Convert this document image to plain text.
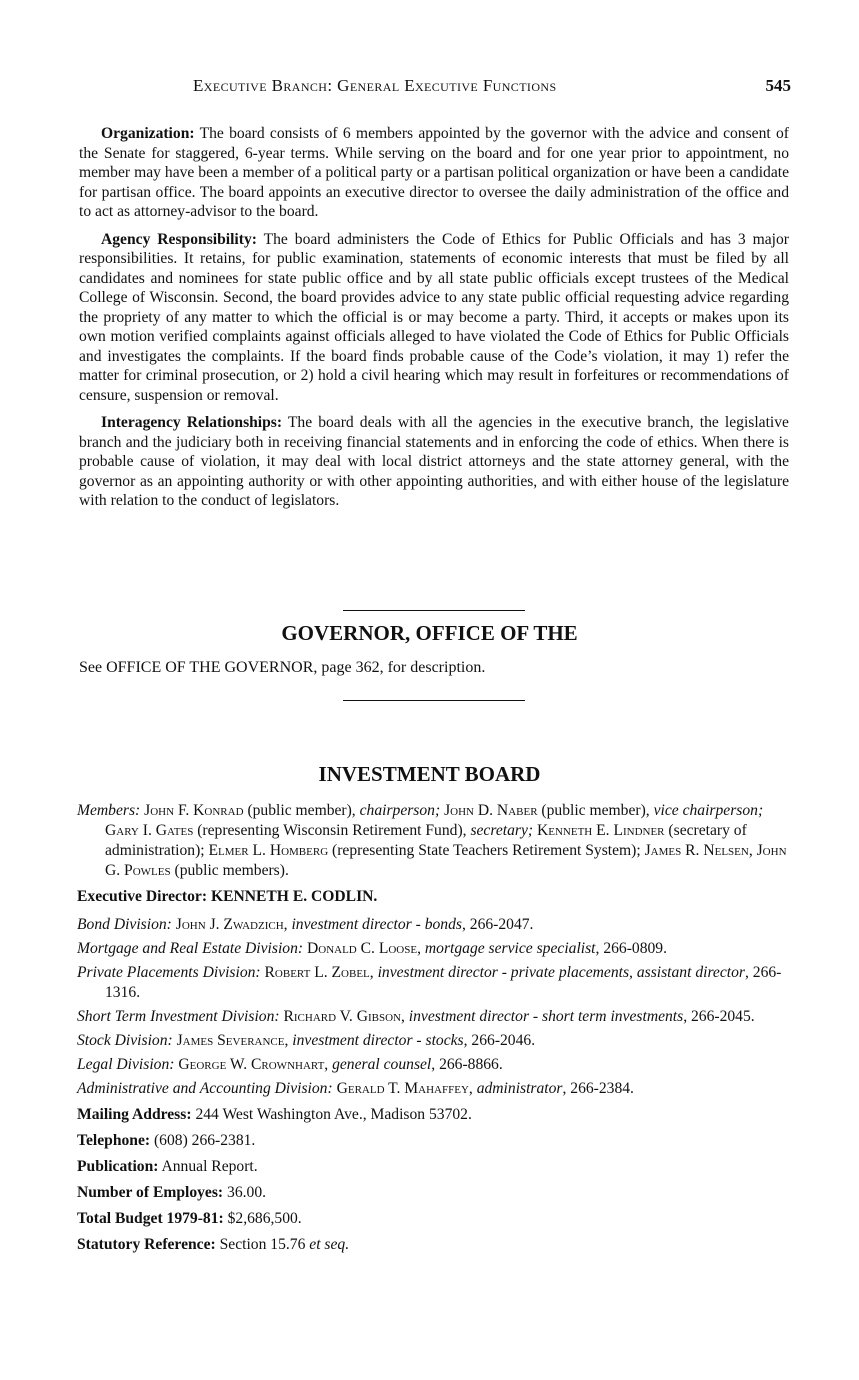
Executive Branch: General Executive Functions	545

Organization: The board consists of 6 members appointed by the governor with the advice and consent of the Senate for staggered, 6-year terms. While serving on the board and for one year prior to appointment, no member may have been a member of a political party or a partisan political organization or have been a candidate for partisan office. The board appoints an executive director to oversee the daily administration of the office and to act as attorney-advisor to the board.

Agency Responsibility: The board administers the Code of Ethics for Public Officials and has 3 major responsibilities. It retains, for public examination, statements of economic interests that must be filed by all candidates and nominees for state public office and by all state public officials except trustees of the Medical College of Wisconsin. Second, the board provides advice to any state public official requesting advice regarding the propriety of any matter to which the official is or may become a party. Third, it accepts or makes upon its own motion verified complaints against officials alleged to have violated the Code of Ethics for Public Officials and investigates the complaints. If the board finds probable cause of the Code’s violation, it may 1) refer the matter for criminal prosecution, or 2) hold a civil hearing which may result in forfeitures or recommendations of censure, suspension or removal.

Interagency Relationships: The board deals with all the agencies in the executive branch, the legislative branch and the judiciary both in receiving financial statements and in enforcing the code of ethics. When there is probable cause of violation, it may deal with local district attorneys and the state attorney general, with the governor as an appointing authority or with other appointing authorities, and with either house of the legislature with relation to the conduct of legislators.

GOVERNOR, OFFICE OF THE
See OFFICE OF THE GOVERNOR, page 362, for description.
INVESTMENT BOARD

Members: John F. Konrad (public member), chairperson; John D. Naber (public member), vice chairperson; Gary I. Gates (representing Wisconsin Retirement Fund), secretary; Kenneth E. Lindner (secretary of administration); Elmer L. Homberg (representing State Teachers Retirement System); James R. Nelsen, John G. Powles (public members).

Executive Director: KENNETH E. CODLIN.

Bond Division: John J. Zwadzich, investment director - bonds, 266-2047.

Mortgage and Real Estate Division: Donald C. Loose, mortgage service specialist, 266-0809.

Private Placements Division: Robert L. Zobel, investment director - private placements, assistant director, 266-1316.

Short Term Investment Division: Richard V. Gibson, investment director - short term investments, 266-2045.

Stock Division: James Severance, investment director - stocks, 266-2046.

Legal Division: George W. Crownhart, general counsel, 266-8866.

Administrative and Accounting Division: Gerald T. Mahaffey, administrator, 266-2384.

Mailing Address: 244 West Washington Ave., Madison 53702.

Telephone: (608) 266-2381.

Publication: Annual Report.

Number of Employes: 36.00.

Total Budget 1979-81: $2,686,500.

Statutory Reference: Section 15.76 et seq.
